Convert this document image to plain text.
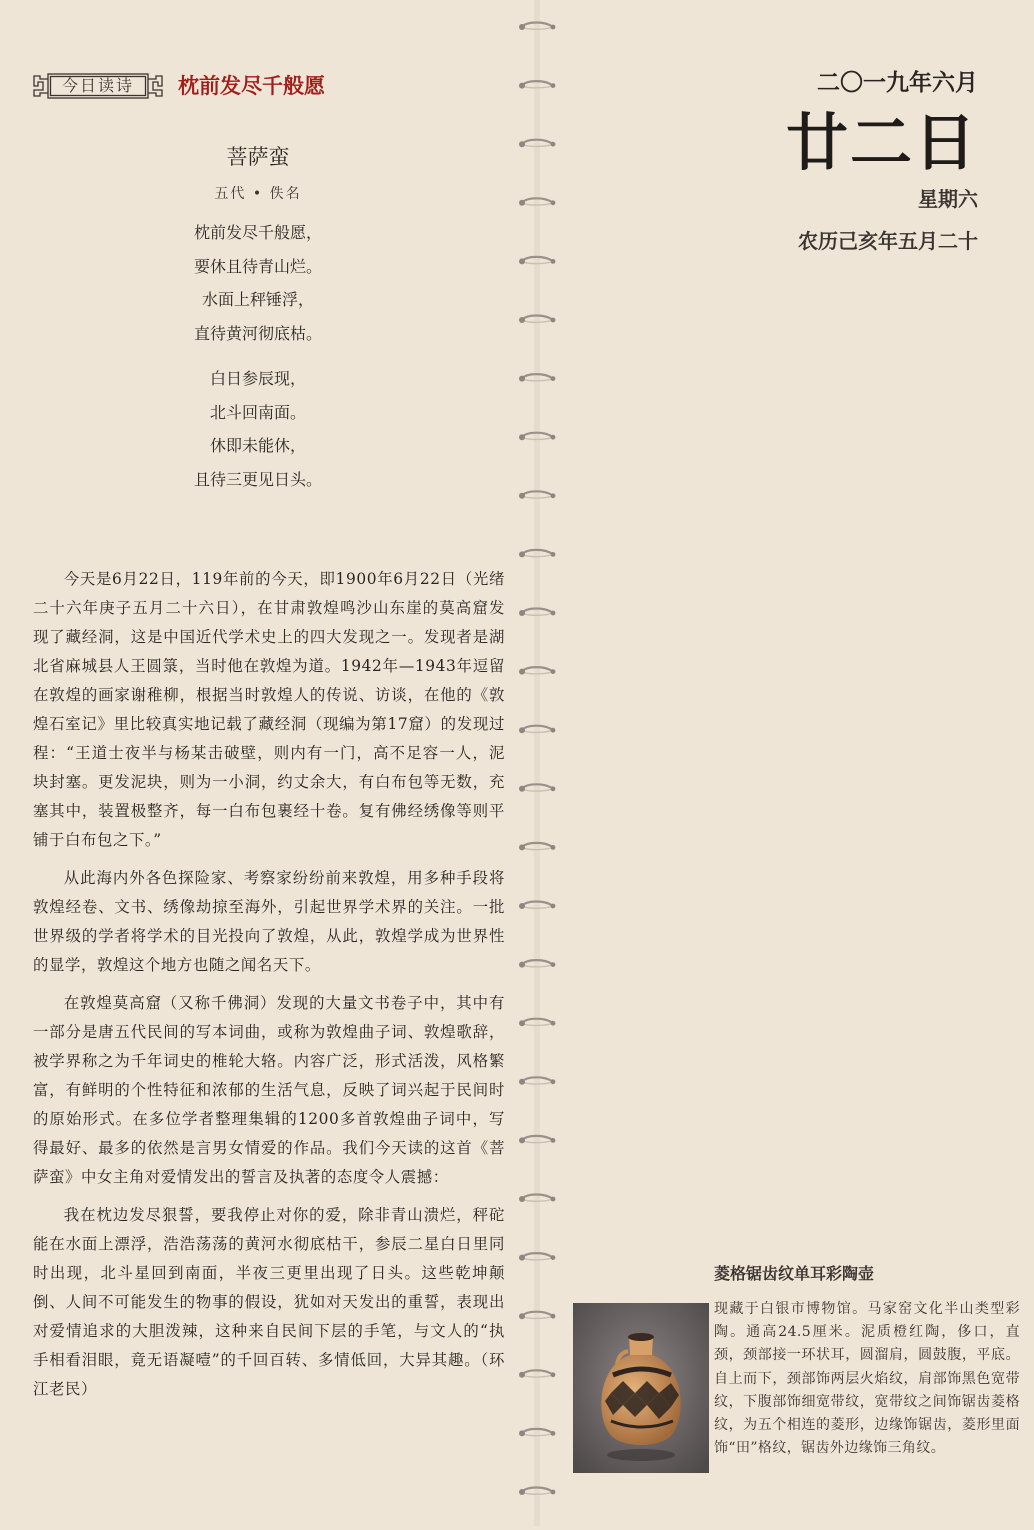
今日读诗	枕前发尽千般愿
菩萨蛮
五代 • 佚名
枕前发尽千般愿，
要休且待青山烂。
水面上秤锤浮，
直待黄河彻底枯。
白日参辰现，
北斗回南面。
休即未能休，
且待三更见日头。

今天是6月22日，119年前的今天，即1900年6月22日（光绪二十六年庚子五月二十六日），在甘肃敦煌鸣沙山东崖的莫高窟发现了藏经洞，这是中国近代学术史上的四大发现之一。发现者是湖北省麻城县人王圆箓，当时他在敦煌为道。1942年—1943年逗留在敦煌的画家谢稚柳，根据当时敦煌人的传说、访谈，在他的《敦煌石室记》里比较真实地记载了藏经洞（现编为第17窟）的发现过程：“王道士夜半与杨某击破壁，则内有一门，高不足容一人，泥块封塞。更发泥块，则为一小洞，约丈余大，有白布包等无数，充塞其中，装置极整齐，每一白布包裹经十卷。复有佛经绣像等则平铺于白布包之下。”

从此海内外各色探险家、考察家纷纷前来敦煌，用多种手段将敦煌经卷、文书、绣像劫掠至海外，引起世界学术界的关注。一批世界级的学者将学术的目光投向了敦煌，从此，敦煌学成为世界性的显学，敦煌这个地方也随之闻名天下。

在敦煌莫高窟（又称千佛洞）发现的大量文书卷子中，其中有一部分是唐五代民间的写本词曲，或称为敦煌曲子词、敦煌歌辞，被学界称之为千年词史的椎轮大辂。内容广泛，形式活泼，风格繁富，有鲜明的个性特征和浓郁的生活气息，反映了词兴起于民间时的原始形式。在多位学者整理集辑的1200多首敦煌曲子词中，写得最好、最多的依然是言男女情爱的作品。我们今天读的这首《菩萨蛮》中女主角对爱情发出的誓言及执著的态度令人震撼：

我在枕边发尽狠誓，要我停止对你的爱，除非青山溃烂，秤砣能在水面上漂浮，浩浩荡荡的黄河水彻底枯干，参辰二星白日里同时出现，北斗星回到南面，半夜三更里出现了日头。这些乾坤颠倒、人间不可能发生的物事的假设，犹如对天发出的重誓，表现出对爱情追求的大胆泼辣，这种来自民间下层的手笔，与文人的“执手相看泪眼，竟无语凝噎”的千回百转、多情低回，大异其趣。（环江老民）

二〇一九年六月
廿二日
星期六
农历己亥年五月二十
菱格锯齿纹单耳彩陶壶
现藏于白银市博物馆。马家窑文化半山类型彩陶。通高24.5厘米。泥质橙红陶，侈口，直颈，颈部接一环状耳，圆溜肩，圆鼓腹，平底。自上而下，颈部饰两层火焰纹，肩部饰黑色宽带纹，下腹部饰细宽带纹，宽带纹之间饰锯齿菱格纹，为五个相连的菱形，边缘饰锯齿，菱形里面饰“田”格纹，锯齿外边缘饰三角纹。
